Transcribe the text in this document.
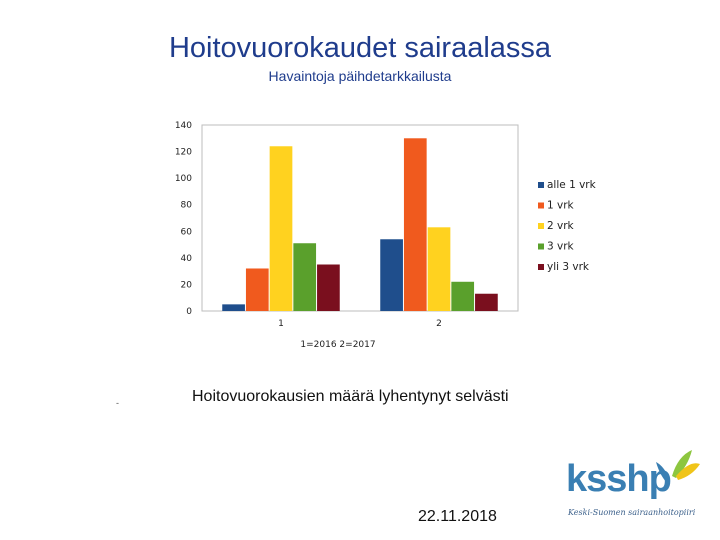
Hoitovuorokaudet sairaalassa
Havaintoja päihdetarkkailusta
0
20
40
60
80
100
120
140
1	2
alle 1 vrk
1 vrk
2 vrk
3 vrk
yli 3 vrk
1=2016 2=2017
-	Hoitovuorokausien määrä lyhentynyt selvästi
22.11.2018
ksshp
Keski-Suomen sairaanhoitopiiri
